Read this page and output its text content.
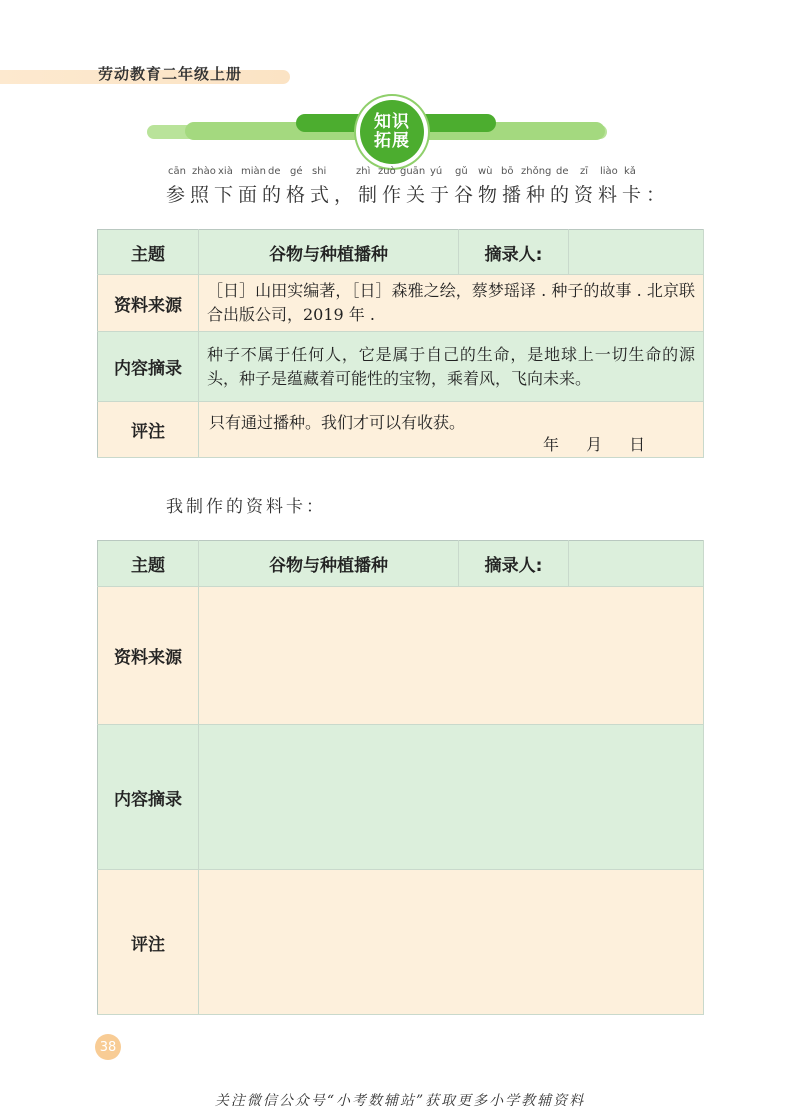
劳动教育二年级上册
知识
拓展
cān zhào xià miàn de gé shi	zhì zuò guān yú gǔ wù bō zhǒng de zī liào kǎ
参照下面的格式，制作关于谷物播种的资料卡：
主题	谷物与种植播种	摘录人:	
资料来源	［日］山田实编著，［日］森雅之绘，蔡梦瑶译 . 种子的故事 . 北京联合出版公司，2019 年 .		
内容摘录	种子不属于任何人，它是属于自己的生命，是地球上一切生命的源头，种子是蕴藏着可能性的宝物，乘着风，飞向未来。		
评注	只有通过播种。我们才可以有收获。
年 月 日		
我制作的资料卡：
主题	谷物与种植播种	摘录人:	
资料来源			
内容摘录			
评注			
38
关注微信公众号“小考数辅站”获取更多小学教辅资料
